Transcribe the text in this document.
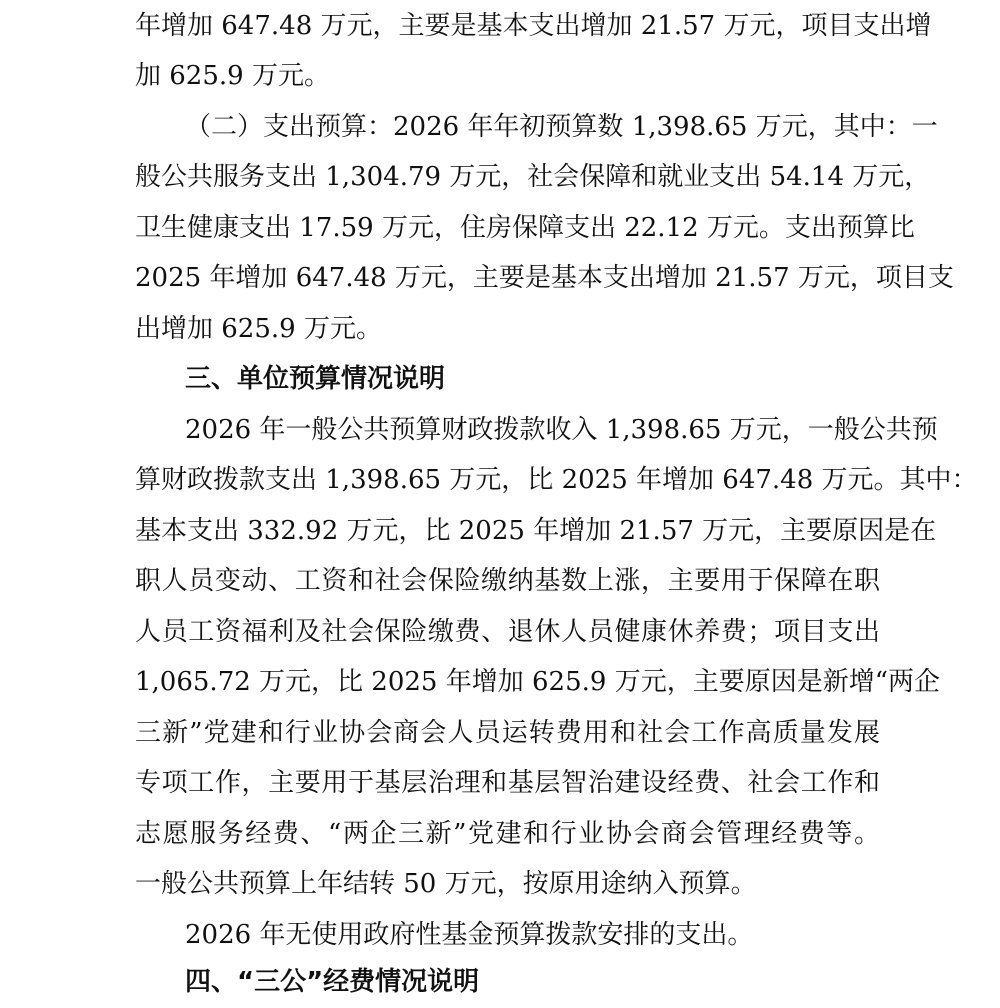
年增加 647.48 万元，主要是基本支出增加 21.57 万元，项目支出增
加 625.9 万元。
（二）支出预算：2026 年年初预算数 1,398.65 万元，其中：一
般公共服务支出 1,304.79 万元，社会保障和就业支出 54.14 万元，
卫生健康支出 17.59 万元，住房保障支出 22.12 万元。支出预算比
2025 年增加 647.48 万元，主要是基本支出增加 21.57 万元，项目支
出增加 625.9 万元。
三、单位预算情况说明
2026 年一般公共预算财政拨款收入 1,398.65 万元，一般公共预
算财政拨款支出 1,398.65 万元，比 2025 年增加 647.48 万元。其中：
基本支出 332.92 万元，比 2025 年增加 21.57 万元，主要原因是在
职人员变动、工资和社会保险缴纳基数上涨，主要用于保障在职
人员工资福利及社会保险缴费、退休人员健康休养费；项目支出
1,065.72 万元，比 2025 年增加 625.9 万元，主要原因是新增“两企
三新”党建和行业协会商会人员运转费用和社会工作高质量发展
专项工作，主要用于基层治理和基层智治建设经费、社会工作和
志愿服务经费、“两企三新”党建和行业协会商会管理经费等。
一般公共预算上年结转 50 万元，按原用途纳入预算。
2026 年无使用政府性基金预算拨款安排的支出。
四、“三公”经费情况说明
